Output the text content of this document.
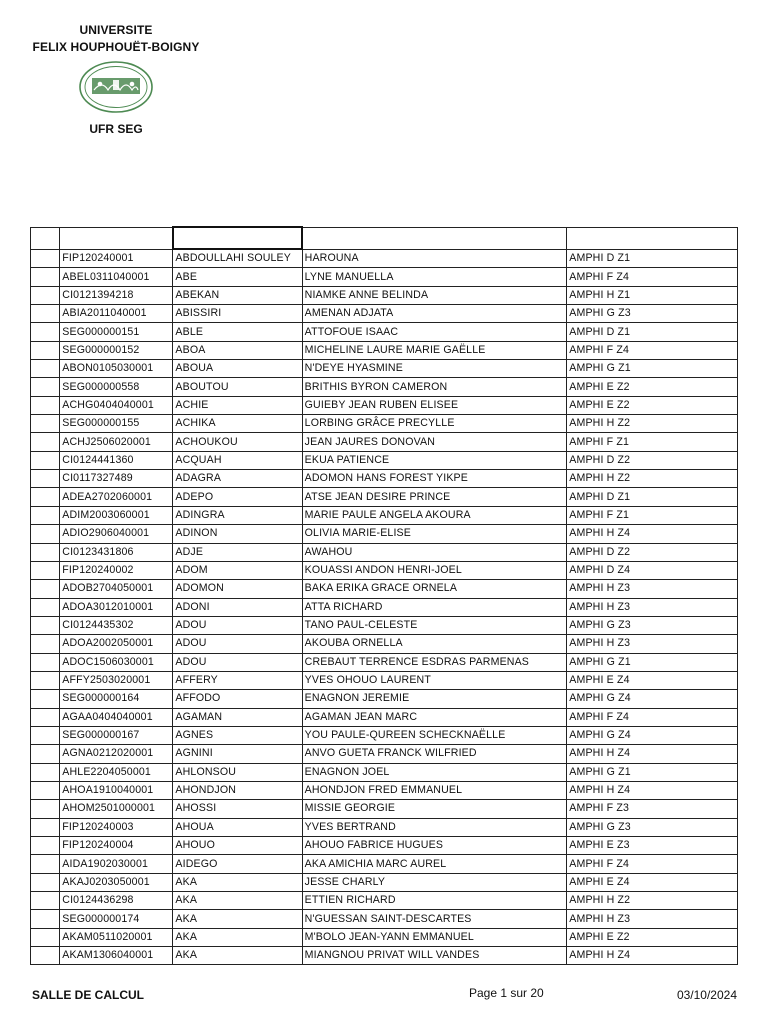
UNIVERSITE
FELIX HOUPHOUËT-BOIGNY
UFR SEG

	FIP120240001	ABDOULLAHI SOULEY	HAROUNA	AMPHI D Z1
	ABEL0311040001	ABE	LYNE MANUELLA	AMPHI F Z4
	CI0121394218	ABEKAN	NIAMKE ANNE BELINDA	AMPHI H Z1
	ABIA2011040001	ABISSIRI	AMENAN ADJATA	AMPHI G Z3
	SEG000000151	ABLE	ATTOFOUE ISAAC	AMPHI D Z1
	SEG000000152	ABOA	MICHELINE LAURE MARIE GAËLLE	AMPHI F Z4
	ABON0105030001	ABOUA	N'DEYE HYASMINE	AMPHI G Z1
	SEG000000558	ABOUTOU	BRITHIS BYRON CAMERON	AMPHI E Z2
	ACHG0404040001	ACHIE	GUIEBY JEAN RUBEN ELISEE	AMPHI E Z2
	SEG000000155	ACHIKA	LORBING GRÂCE PRECYLLE	AMPHI H Z2
	ACHJ2506020001	ACHOUKOU	JEAN JAURES DONOVAN	AMPHI F Z1
	CI0124441360	ACQUAH	EKUA PATIENCE	AMPHI D Z2
	CI0117327489	ADAGRA	ADOMON HANS FOREST YIKPE	AMPHI H Z2
	ADEA2702060001	ADEPO	ATSE JEAN DESIRE PRINCE	AMPHI D Z1
	ADIM2003060001	ADINGRA	MARIE PAULE ANGELA AKOURA	AMPHI F Z1
	ADIO2906040001	ADINON	OLIVIA MARIE-ELISE	AMPHI H Z4
	CI0123431806	ADJE	AWAHOU	AMPHI D Z2
	FIP120240002	ADOM	KOUASSI ANDON HENRI-JOEL	AMPHI D Z4
	ADOB2704050001	ADOMON	BAKA ERIKA GRACE ORNELA	AMPHI H Z3
	ADOA3012010001	ADONI	ATTA RICHARD	AMPHI H Z3
	CI0124435302	ADOU	TANO PAUL-CELESTE	AMPHI G Z3
	ADOA2002050001	ADOU	AKOUBA ORNELLA	AMPHI H Z3
	ADOC1506030001	ADOU	CREBAUT TERRENCE ESDRAS PARMENAS	AMPHI G Z1
	AFFY2503020001	AFFERY	YVES OHOUO LAURENT	AMPHI E Z4
	SEG000000164	AFFODO	ENAGNON JEREMIE	AMPHI G Z4
	AGAA0404040001	AGAMAN	AGAMAN JEAN MARC	AMPHI F Z4
	SEG000000167	AGNES	YOU PAULE-QUREEN SCHECKNAËLLE	AMPHI G Z4
	AGNA0212020001	AGNINI	ANVO GUETA FRANCK WILFRIED	AMPHI H Z4
	AHLE2204050001	AHLONSOU	ENAGNON JOEL	AMPHI G Z1
	AHOA1910040001	AHONDJON	AHONDJON FRED EMMANUEL	AMPHI H Z4
	AHOM2501000001	AHOSSI	MISSIE GEORGIE	AMPHI F Z3
	FIP120240003	AHOUA	YVES BERTRAND	AMPHI G Z3
	FIP120240004	AHOUO	AHOUO FABRICE HUGUES	AMPHI E Z3
	AIDA1902030001	AIDEGO	AKA AMICHIA MARC AUREL	AMPHI F Z4
	AKAJ0203050001	AKA	JESSE CHARLY	AMPHI E Z4
	CI0124436298	AKA	ETTIEN RICHARD	AMPHI H Z2
	SEG000000174	AKA	N'GUESSAN SAINT-DESCARTES	AMPHI H Z3
	AKAM0511020001	AKA	M'BOLO JEAN-YANN EMMANUEL	AMPHI E Z2
	AKAM1306040001	AKA	MIANGNOU PRIVAT WILL VANDES	AMPHI H Z4
SALLE DE CALCUL	Page 1 sur 20	03/10/2024
